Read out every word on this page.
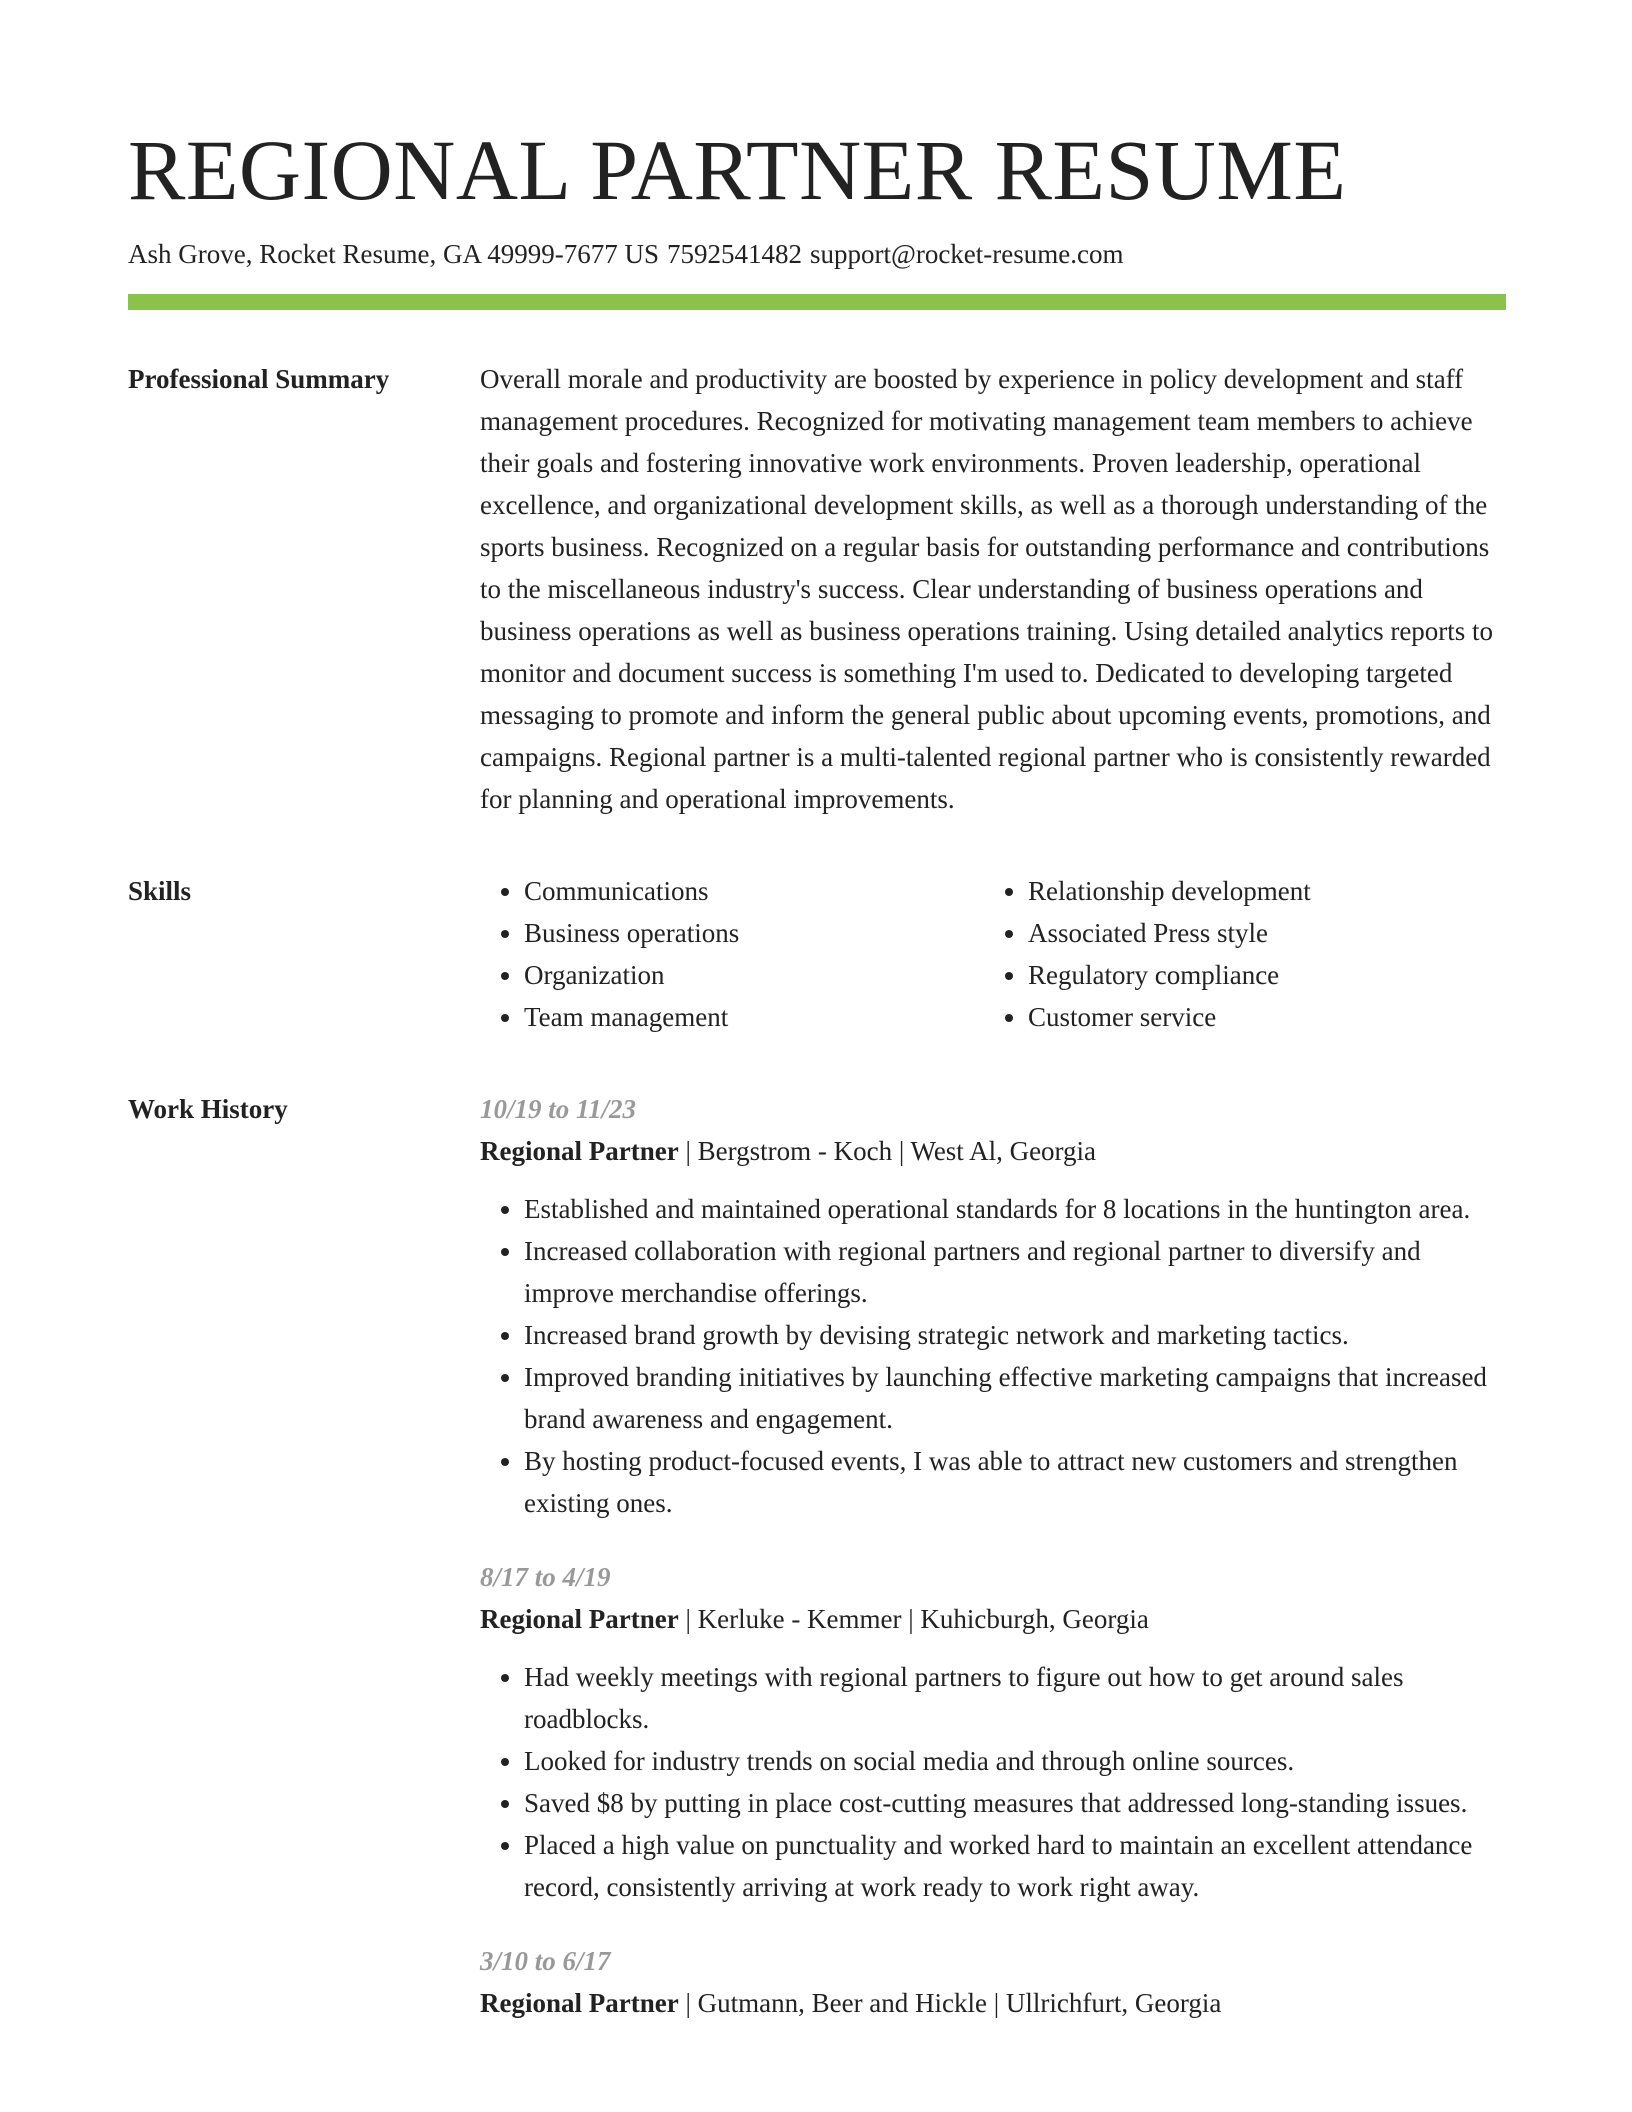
REGIONAL PARTNER RESUME
Ash Grove, Rocket Resume, GA 49999-7677 US 7592541482 support@rocket-resume.com
Professional Summary	Overall morale and productivity are boosted by experience in policy development and staff management procedures. Recognized for motivating management team members to achieve their goals and fostering innovative work environments. Proven leadership, operational excellence, and organizational development skills, as well as a thorough understanding of the sports business. Recognized on a regular basis for outstanding performance and contributions to the miscellaneous industry's success. Clear understanding of business operations and business operations as well as business operations training. Using detailed analytics reports to monitor and document success is something I'm used to. Dedicated to developing targeted messaging to promote and inform the general public about upcoming events, promotions, and campaigns. Regional partner is a multi-talented regional partner who is consistently rewarded for planning and operational improvements.

Skills
•	Communications
• Business operations
• Organization
• Team management
• Relationship development
• Associated Press style
• Regulatory compliance
• Customer service
Work History	10/19 to 11/23
Regional Partner | Bergstrom - Koch | West Al, Georgia
• Established and maintained operational standards for 8 locations in the huntington area.
• Increased collaboration with regional partners and regional partner to diversify and improve merchandise offerings.
• Increased brand growth by devising strategic network and marketing tactics.
• Improved branding initiatives by launching effective marketing campaigns that increased brand awareness and engagement.
• By hosting product-focused events, I was able to attract new customers and strengthen existing ones.
8/17 to 4/19
Regional Partner | Kerluke - Kemmer | Kuhicburgh, Georgia
• Had weekly meetings with regional partners to figure out how to get around sales roadblocks.
• Looked for industry trends on social media and through online sources.
• Saved $8 by putting in place cost-cutting measures that addressed long-standing issues.
• Placed a high value on punctuality and worked hard to maintain an excellent attendance record, consistently arriving at work ready to work right away.
3/10 to 6/17
Regional Partner | Gutmann, Beer and Hickle | Ullrichfurt, Georgia
